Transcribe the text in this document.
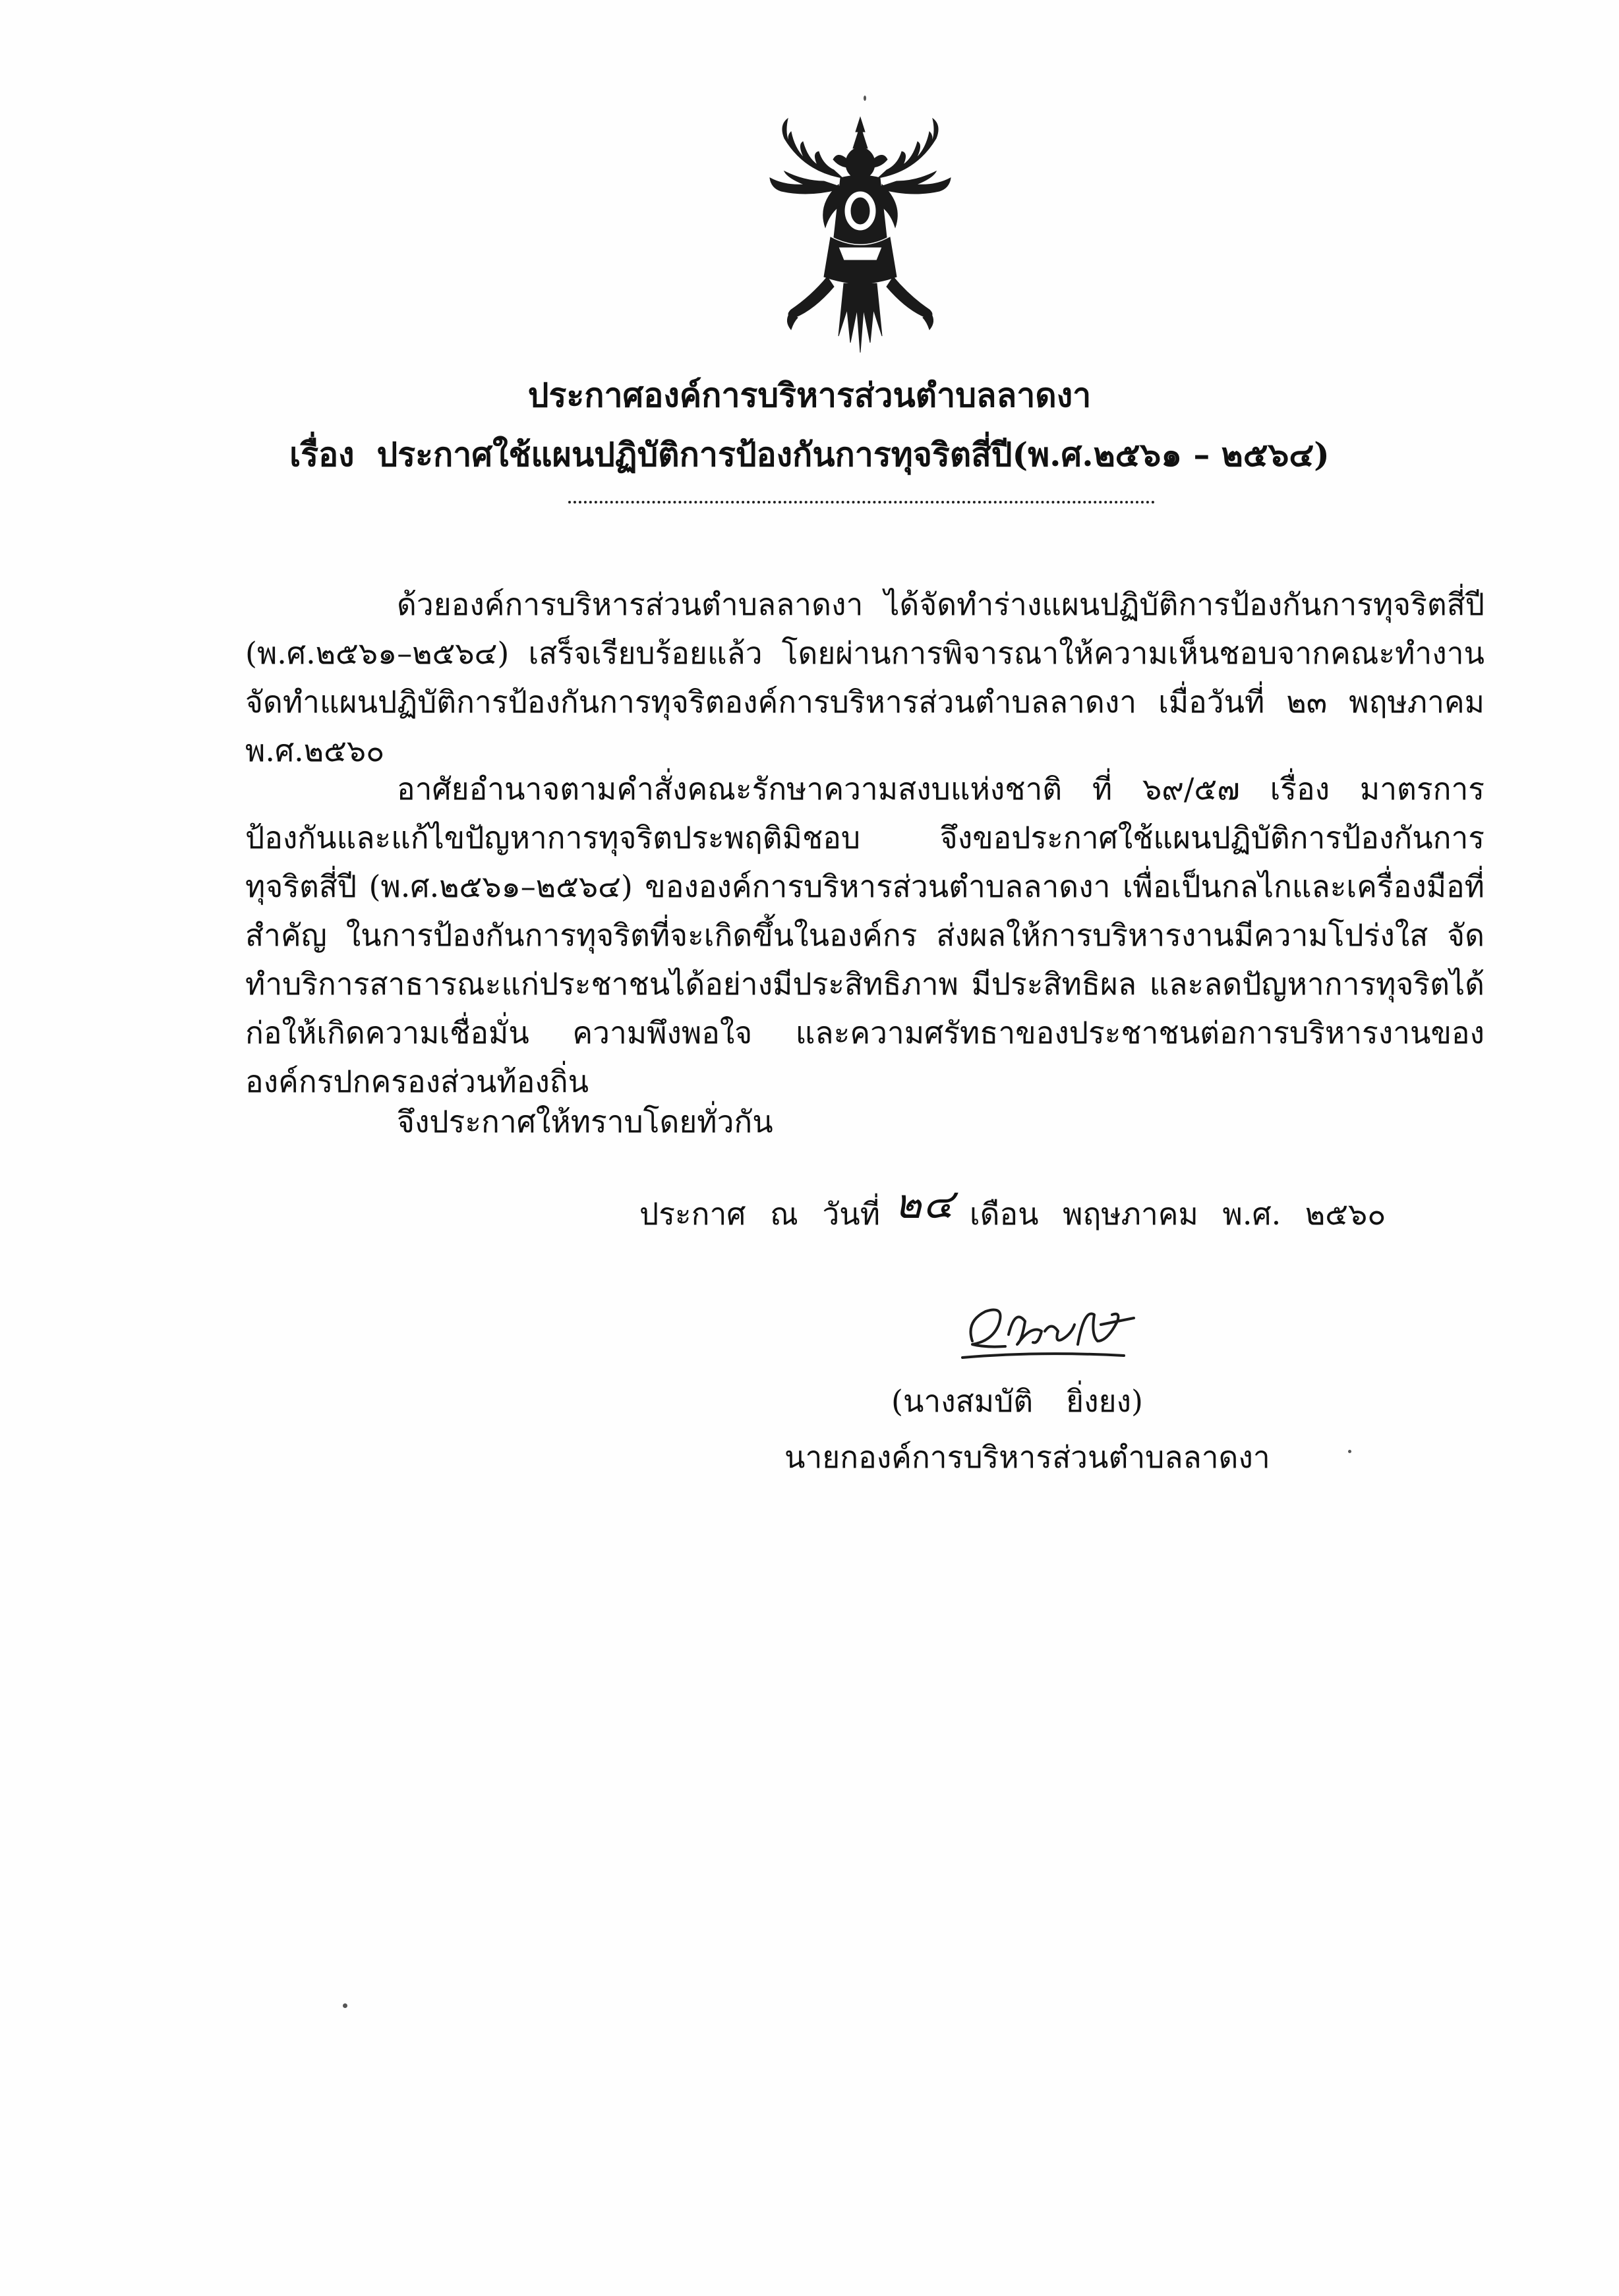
ประกาศองค์การบริหารส่วนตำบลลาดงา
เรื่อง ประกาศใช้แผนปฏิบัติการป้องกันการทุจริตสี่ปี(พ.ศ.๒๕๖๑ – ๒๕๖๔)
ด้วยองค์การบริหารส่วนตำบลลาดงา ได้จัดทำร่างแผนปฏิบัติการป้องกันการทุจริตสี่ปี (พ.ศ.๒๕๖๑–๒๕๖๔) เสร็จเรียบร้อยแล้ว โดยผ่านการพิจารณาให้ความเห็นชอบจากคณะทำงานจัดทำแผนปฏิบัติการป้องกันการทุจริตองค์การบริหารส่วนตำบลลาดงา เมื่อวันที่ ๒๓ พฤษภาคม พ.ศ.๒๕๖๐
อาศัยอำนาจตามคำสั่งคณะรักษาความสงบแห่งชาติ ที่ ๖๙/๕๗ เรื่อง มาตรการป้องกันและแก้ไขปัญหาการทุจริตประพฤติมิชอบ จึงขอประกาศใช้แผนปฏิบัติการป้องกันการทุจริตสี่ปี (พ.ศ.๒๕๖๑–๒๕๖๔) ของ​องค์การบริหารส่วนตำบลลาดงา เพื่อเป็นกลไกและเครื่องมือที่สำคัญ ในการป้องกันการทุจริตที่จะเกิดขึ้นในองค์กร ส่งผลให้การบริหารงานมีความโปร่งใส จัดทำบริการสาธารณะแก่ประชาชนได้อย่างมีประสิทธิภาพ มีประสิทธิผล และลดปัญหาการทุจริตได้ ก่อให้เกิดความเชื่อมั่น ความพึงพอใจ และความศรัทธาของประชาชนต่อการบริหารงานขององค์กรปกครองส่วนท้องถิ่น
จึงประกาศให้ทราบโดยทั่วกัน
ประกาศ ณ วันที่ ๒๔ เดือน พฤษภาคม พ.ศ. ๒๕๖๐
(นางสมบัติ ยิ่งยง)
นายกองค์การบริหารส่วนตำบลลาดงา
